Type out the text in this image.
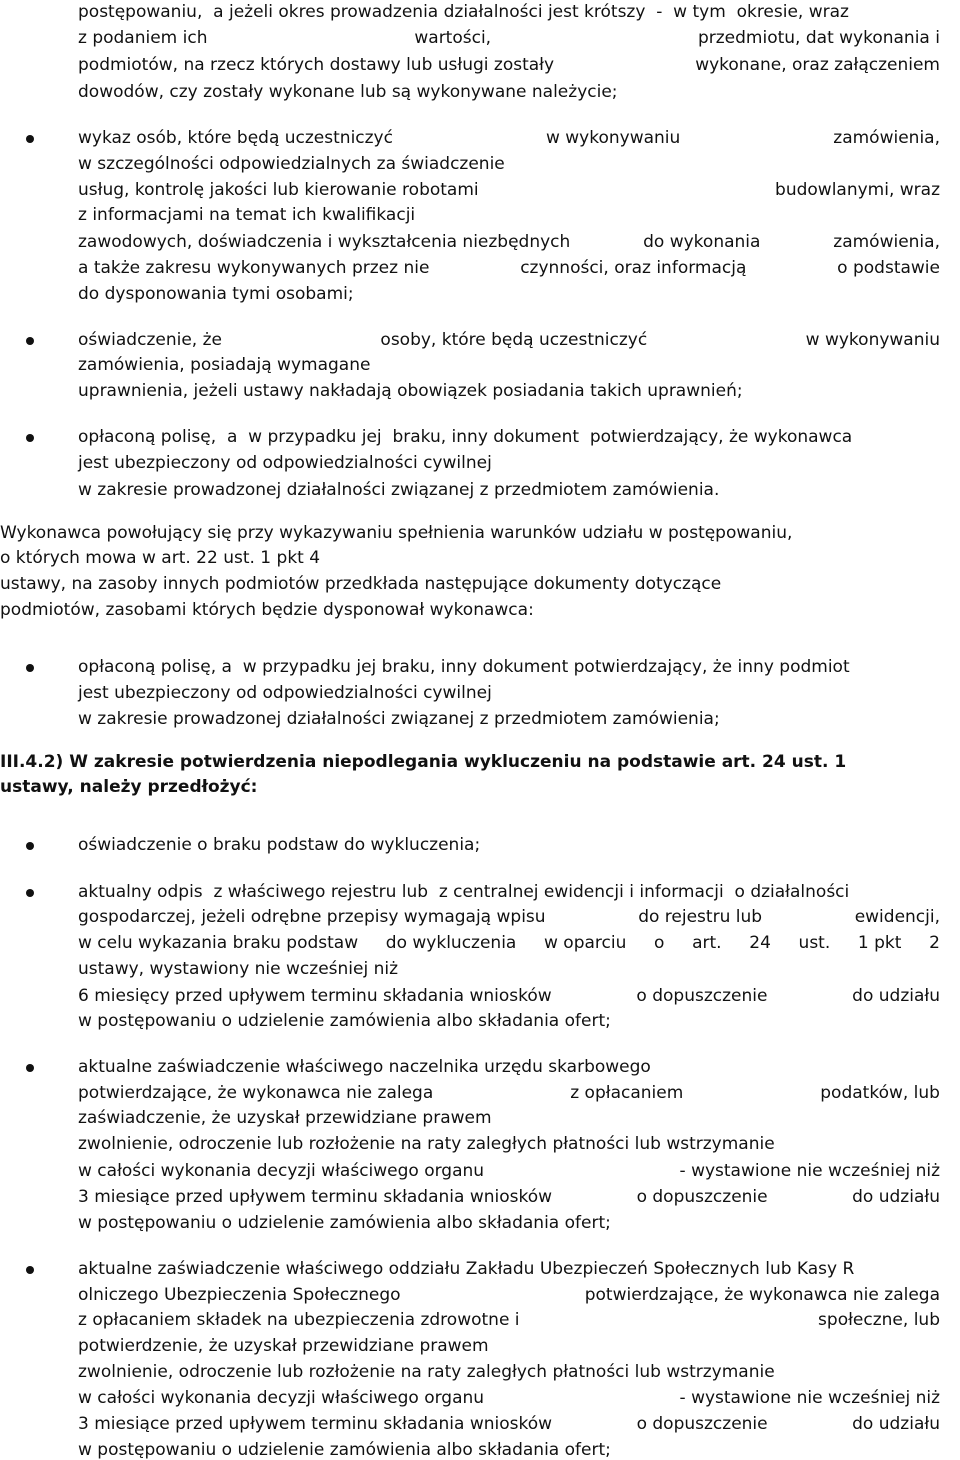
postępowaniu,  a jeżeli okres prowadzenia działalności jest krótszy  -  w tym  okresie, wraz
z podaniem ich	wartości,	przedmiotu, dat wykonania i
podmiotów, na rzecz których dostawy lub usługi zostały	wykonane, oraz załączeniem
dowodów, czy zostały wykonane lub są wykonywane należycie;
wykaz osób, które będą uczestniczyć	w wykonywaniu	zamówienia,
w szczególności odpowiedzialnych za świadczenie
usług, kontrolę jakości lub kierowanie robotami	budowlanymi, wraz
z informacjami na temat ich kwalifikacji
zawodowych, doświadczenia i wykształcenia niezbędnych	do wykonania	zamówienia,
a także zakresu wykonywanych przez nie	czynności, oraz informacją	o podstawie
do dysponowania tymi osobami;
oświadczenie, że	osoby, które będą uczestniczyć	w wykonywaniu
zamówienia, posiadają wymagane
uprawnienia, jeżeli ustawy nakładają obowiązek posiadania takich uprawnień;
opłaconą polisę,  a  w przypadku jej  braku, inny dokument  potwierdzający, że wykonawca
jest ubezpieczony od odpowiedzialności cywilnej
w zakresie prowadzonej działalności związanej z przedmiotem zamówienia.
Wykonawca powołujący się przy wykazywaniu spełnienia warunków udziału w postępowaniu,
o których mowa w art. 22 ust. 1 pkt 4
ustawy, na zasoby innych podmiotów przedkłada następujące dokumenty dotyczące
podmiotów, zasobami których będzie dysponował wykonawca:
opłaconą polisę, a  w przypadku jej braku, inny dokument potwierdzający, że inny podmiot
jest ubezpieczony od odpowiedzialności cywilnej
w zakresie prowadzonej działalności związanej z przedmiotem zamówienia;
III.4.2) W zakresie potwierdzenia niepodlegania wykluczeniu na podstawie art. 24 ust. 1
ustawy, należy przedłożyć:
oświadczenie o braku podstaw do wykluczenia;
aktualny odpis  z właściwego rejestru lub  z centralnej ewidencji i informacji  o działalności
gospodarczej, jeżeli odrębne przepisy wymagają wpisu	do rejestru lub	ewidencji,
w celu wykazania braku podstaw do wykluczenia w oparciu o art. 24 ust. 1 pkt 2
ustawy, wystawiony nie wcześniej niż
6 miesięcy przed upływem terminu składania wniosków	o dopuszczenie	do udziału
w postępowaniu o udzielenie zamówienia albo składania ofert;
aktualne zaświadczenie właściwego naczelnika urzędu skarbowego
potwierdzające, że wykonawca nie zalega	z opłacaniem	podatków, lub
zaświadczenie, że uzyskał przewidziane prawem
zwolnienie, odroczenie lub rozłożenie na raty zaległych płatności lub wstrzymanie
w całości wykonania decyzji właściwego organu	- wystawione nie wcześniej niż
3 miesiące przed upływem terminu składania wniosków	o dopuszczenie	do udziału
w postępowaniu o udzielenie zamówienia albo składania ofert;
aktualne zaświadczenie właściwego oddziału Zakładu Ubezpieczeń Społecznych lub Kasy R
olniczego Ubezpieczenia Społecznego	potwierdzające, że wykonawca nie zalega
z opłacaniem składek na ubezpieczenia zdrowotne i	społeczne, lub
potwierdzenie, że uzyskał przewidziane prawem
zwolnienie, odroczenie lub rozłożenie na raty zaległych płatności lub wstrzymanie
w całości wykonania decyzji właściwego organu	- wystawione nie wcześniej niż
3 miesiące przed upływem terminu składania wniosków	o dopuszczenie	do udziału
w postępowaniu o udzielenie zamówienia albo składania ofert;
